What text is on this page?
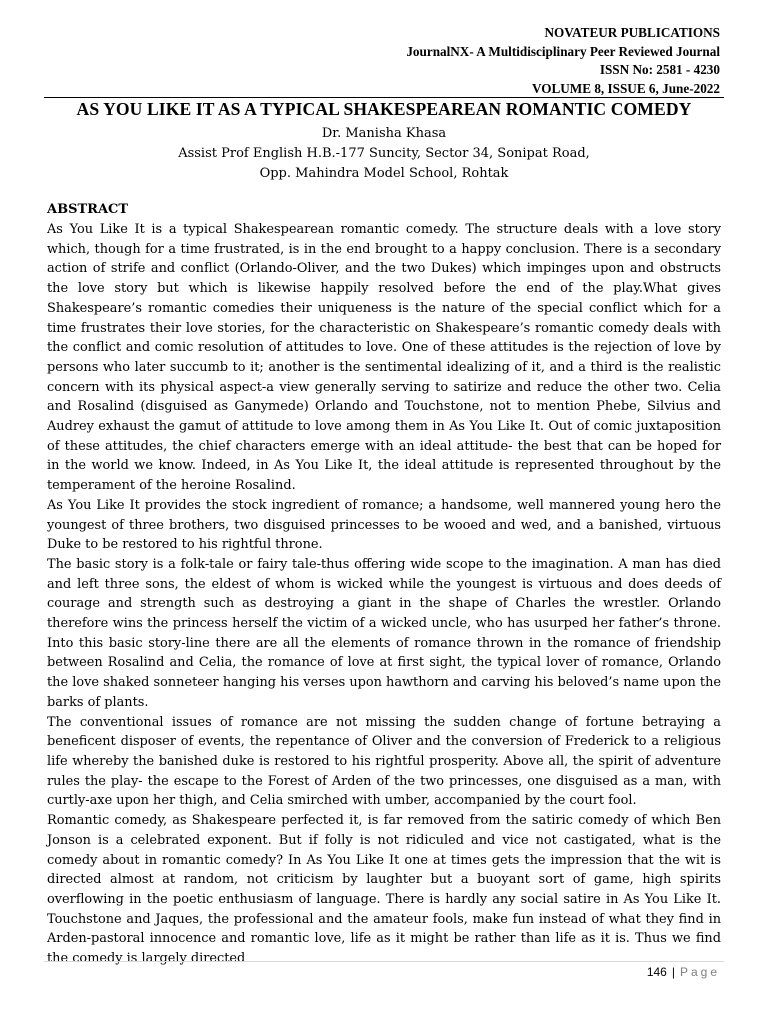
NOVATEUR PUBLICATIONS
JournalNX- A Multidisciplinary Peer Reviewed Journal
ISSN No: 2581 - 4230
VOLUME 8, ISSUE 6, June-2022
AS YOU LIKE IT AS A TYPICAL SHAKESPEAREAN ROMANTIC COMEDY
Dr. Manisha Khasa
Assist Prof English H.B.-177 Suncity, Sector 34, Sonipat Road,
Opp. Mahindra Model School, Rohtak
ABSTRACT

As You Like It is a typical Shakespearean romantic comedy. The structure deals with a love story which, though for a time frustrated, is in the end brought to a happy conclusion. There is a secondary action of strife and conflict (Orlando-Oliver, and the two Dukes) which impinges upon and obstructs the love story but which is likewise happily resolved before the end of the play.What gives Shakespeare’s romantic comedies their uniqueness is the nature of the special conflict which for a time frustrates their love stories, for the characteristic on Shakespeare’s romantic comedy deals with the conflict and comic resolution of attitudes to love. One of these attitudes is the rejection of love by persons who later succumb to it; another is the sentimental idealizing of it, and a third is the realistic concern with its physical aspect-a view generally serving to satirize and reduce the other two. Celia and Rosalind (disguised as Ganymede) Orlando and Touchstone, not to mention Phebe, Silvius and Audrey exhaust the gamut of attitude to love among them in As You Like It. Out of comic juxtaposition of these attitudes, the chief characters emerge with an ideal attitude- the best that can be hoped for in the world we know. Indeed, in As You Like It, the ideal attitude is represented throughout by the temperament of the heroine Rosalind.

As You Like It provides the stock ingredient of romance; a handsome, well mannered young hero the youngest of three brothers, two disguised princesses to be wooed and wed, and a banished, virtuous Duke to be restored to his rightful throne.

The basic story is a folk-tale or fairy tale-thus offering wide scope to the imagination. A man has died and left three sons, the eldest of whom is wicked while the youngest is virtuous and does deeds of courage and strength such as destroying a giant in the shape of Charles the wrestler. Orlando therefore wins the princess herself the victim of a wicked uncle, who has usurped her father’s throne. Into this basic story-line there are all the elements of romance thrown in the romance of friendship between Rosalind and Celia, the romance of love at first sight, the typical lover of romance, Orlando the love shaked sonneteer hanging his verses upon hawthorn and carving his beloved’s name upon the barks of plants.

The conventional issues of romance are not missing the sudden change of fortune betraying a beneficent disposer of events, the repentance of Oliver and the conversion of Frederick to a religious life whereby the banished duke is restored to his rightful prosperity. Above all, the spirit of adventure rules the play- the escape to the Forest of Arden of the two princesses, one disguised as a man, with curtly-axe upon her thigh, and Celia smirched with umber, accompanied by the court fool.

Romantic comedy, as Shakespeare perfected it, is far removed from the satiric comedy of which Ben Jonson is a celebrated exponent. But if folly is not ridiculed and vice not castigated, what is the comedy about in romantic comedy? In As You Like It one at times gets the impression that the wit is directed almost at random, not criticism by laughter but a buoyant sort of game, high spirits overflowing in the poetic enthusiasm of language. There is hardly any social satire in As You Like It. Touchstone and Jaques, the professional and the amateur fools, make fun instead of what they find in Arden-pastoral innocence and romantic love, life as it might be rather than life as it is. Thus we find the comedy is largely directed

146 | Page
